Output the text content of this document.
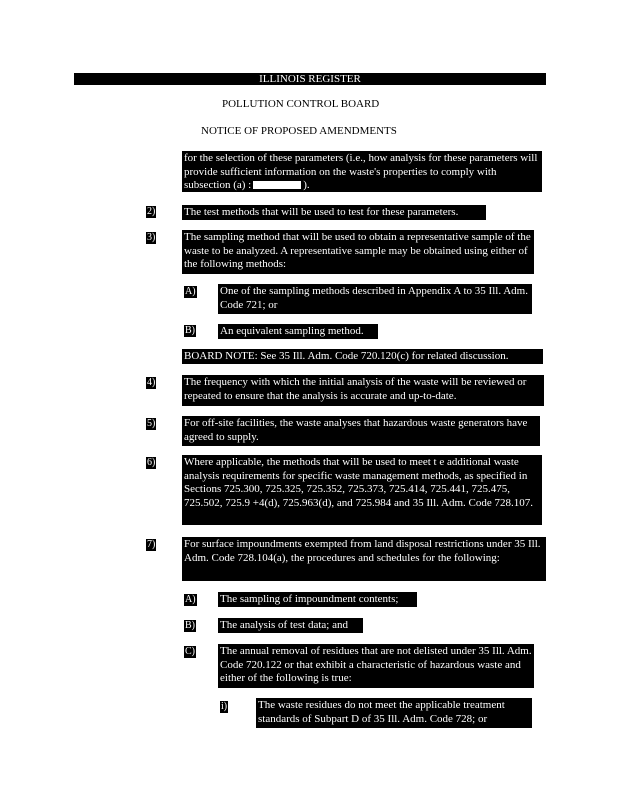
ILLINOIS REGISTER
POLLUTION CONTROL BOARD
NOTICE OF PROPOSED AMENDMENTS
for the selection of these parameters (i.e., how analysis for these parameters will provide sufficient information on the waste's properties to comply with subsection (a) :	).
2)	The test methods that will be used to test for these parameters.
3)	The sampling method that will be used to obtain a representative sample of the waste to be analyzed. A representative sample may be obtained using either of the following methods:
A) One of the sampling methods described in Appendix A to 35 Ill. Adm. Code 721; or
B) An equivalent sampling method.
BOARD NOTE: See 35 Ill. Adm. Code 720.120(c) for related discussion.
4)	The frequency with which the initial analysis of the waste will be reviewed or repeated to ensure that the analysis is accurate and up-to-date.
5)	For off-site facilities, the waste analyses that hazardous waste generators have agreed to supply.
6)	Where applicable, the methods that will be used to meet t e additional waste analysis requirements for specific waste management methods, as specified in Sections 725.300, 725.325, 725.352, 725.373, 725.414, 725.441, 725.475, 725.502, 725.9 +4(d), 725.963(d), and 725.984 and 35 Ill. Adm. Code 728.107.
7)	For surface impoundments exempted from land disposal restrictions under 35 Ill. Adm. Code 728.104(a), the procedures and schedules for the following:
A) The sampling of impoundment contents;
B) The analysis of test data; and
C) The annual removal of residues that are not delisted under 35 Ill. Adm. Code 720.122 or that exhibit a characteristic of hazardous waste and either of the following is true:
i)	The waste residues do not meet the applicable treatment standards of Subpart D of 35 Ill. Adm. Code 728; or
